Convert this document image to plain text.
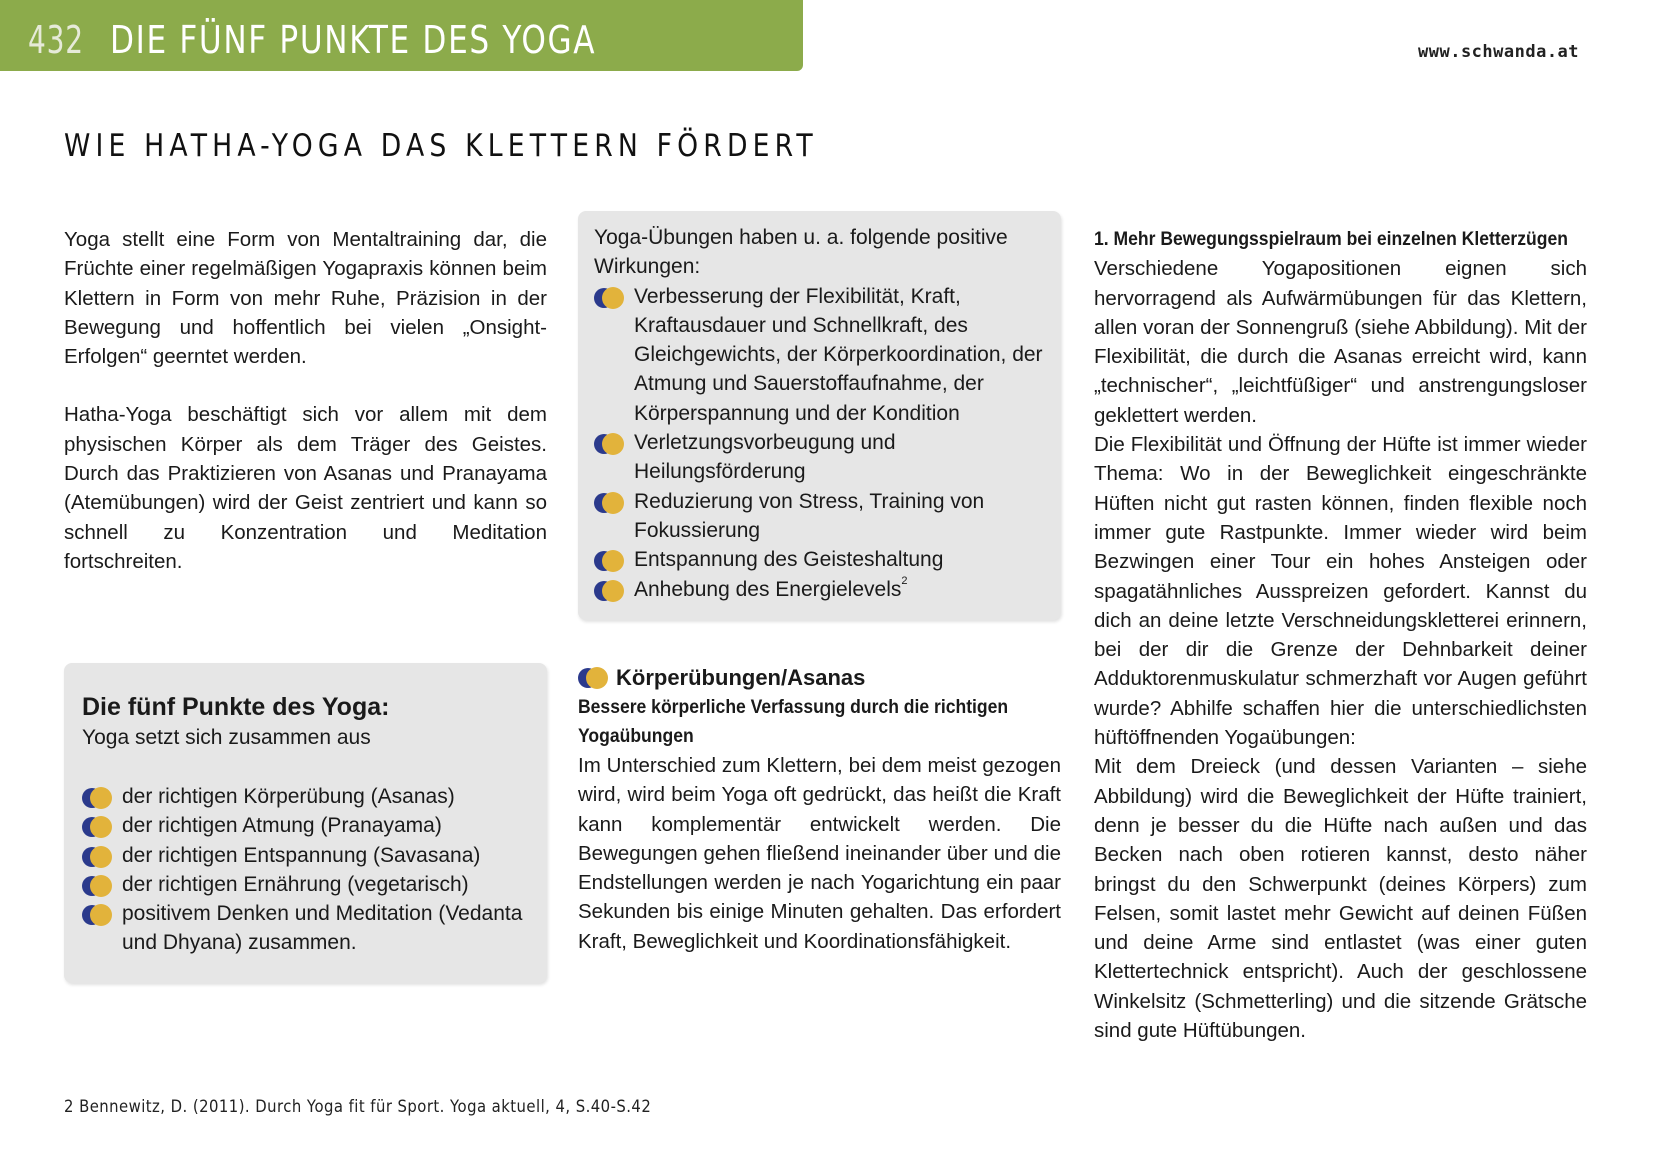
432 DIE FÜNF PUNKTE DES YOGA	www.schwanda.at
WIE HATHA-YOGA DAS KLETTERN FÖRDERT

Yoga stellt eine Form von Mentaltraining dar, die Früchte einer regelmäßigen Yogapraxis können beim Klettern in Form von mehr Ruhe, Präzision in der Bewegung und hoffentlich bei vielen „Onsight-Erfolgen“ geerntet werden.

Hatha-Yoga beschäftigt sich vor allem mit dem physischen Körper als dem Träger des Geistes. Durch das Praktizieren von Asanas und Pranayama (Atemübungen) wird der Geist zentriert und kann so schnell zu Konzentration und Meditation fortschreiten.

Die fünf Punkte des Yoga:
Yoga setzt sich zusammen aus
der richtigen Körperübung (Asanas)
der richtigen Atmung (Pranayama)
der richtigen Entspannung (Savasana)
der richtigen Ernährung (vegetarisch)
positivem Denken und Meditation (Vedanta und Dhyana) zusammen.
Yoga-Übungen haben u. a. folgende positive Wirkungen:
Verbesserung der Flexibilität, Kraft, Kraftausdauer und Schnellkraft, des Gleichgewichts, der Körperkoordination, der Atmung und Sauerstoffaufnahme, der Körperspannung und der Kondition
Verletzungsvorbeugung und Heilungsförderung
Reduzierung von Stress, Training von Fokussierung
Entspannung des Geisteshaltung
Anhebung des Energielevels$^2$
Körperübungen/Asanas
Bessere körperliche Verfassung durch die richtigen Yogaübungen
Im Unterschied zum Klettern, bei dem meist gezogen wird, wird beim Yoga oft gedrückt, das heißt die Kraft kann komplementär entwickelt werden. Die Bewegungen gehen fließend ineinander über und die Endstellungen werden je nach Yogarichtung ein paar Sekunden bis einige Minuten gehalten. Das erfordert Kraft, Beweglichkeit und Koordinationsfähigkeit.
1. Mehr Bewegungsspielraum bei einzelnen Kletterzügen

Verschiedene Yogapositionen eignen sich hervorragend als Aufwärmübungen für das Klettern, allen voran der Sonnengruß (siehe Abbildung). Mit der Flexibilität, die durch die Asanas erreicht wird, kann „technischer“, „leichtfüßiger“ und anstrengungsloser geklettert werden.

Die Flexibilität und Öffnung der Hüfte ist immer wieder Thema: Wo in der Beweglichkeit eingeschränkte Hüften nicht gut rasten können, finden flexible noch immer gute Rastpunkte. Immer wieder wird beim Bezwingen einer Tour ein hohes Ansteigen oder spagatähnliches Ausspreizen gefordert. Kannst du dich an deine letzte Verschneidungskletterei erinnern, bei der dir die Grenze der Dehnbarkeit deiner Adduktorenmuskulatur schmerzhaft vor Augen geführt wurde? Abhilfe schaffen hier die unterschiedlichsten hüftöffnenden Yogaübungen:

Mit dem Dreieck (und dessen Varianten – siehe Abbildung) wird die Beweglichkeit der Hüfte trainiert, denn je besser du die Hüfte nach außen und das Becken nach oben rotieren kannst, desto näher bringst du den Schwerpunkt (deines Körpers) zum Felsen, somit lastet mehr Gewicht auf deinen Füßen und deine Arme sind entlastet (was einer guten Klettertechnick entspricht). Auch der geschlossene Winkelsitz (Schmetterling) und die sitzende Grätsche sind gute Hüftübungen.

2 Bennewitz, D. (2011). Durch Yoga fit für Sport. Yoga aktuell, 4, S.40-S.42
